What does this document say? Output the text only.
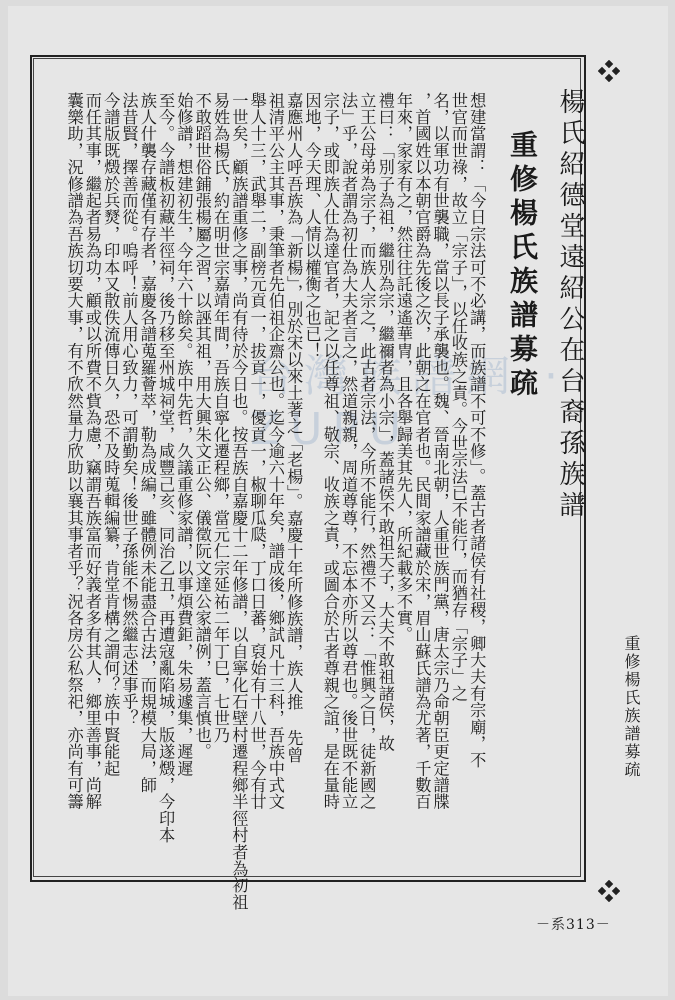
楊氏紹德堂遠紹公在台裔孫族譜
重修楊氏族譜募疏
重修楊氏族譜募疏
台灣族譜網 · ZUPU	想建當謂：「今日宗法可不必講，而族譜不可不修」。蓋古者諸侯有社稷，卿大夫有宗廟，不
世官而世祿，故立「宗子」，以任收族之責。今世宗法已不能行，而猶存「宗子」之
名，以軍功有世襲職，當以長子承襲也。魏、晉南北朝，人重世族門黨，唐太宗乃命朝臣更定譜牒
，首國姓以本朝官爵為先後之次，此朝之在官者也。民間家譜藏於宋，眉山蘇氏譜為尤著，千數百
年來，家家有之，然往往託遠遙華冑，且各舉歸美其先人，所紀載多不實。
禮曰：「別子為祖，繼別為宗，繼禰者為小宗」，蓋諸侯不敢祖天子，大夫不敢祖諸侯，故
立王公母弟為宗子，而族人宗之，此古者宗法，今所不能行，然禮不又云：「惟興之日，徒新國之
法」乎，說者謂為初仕為大夫者言之，然道親親，周道尊尊，不忘本亦所以尊君也。後世既不能立
宗子，或即族人仕為達官者，記之以任尊祖、敬宗、收族之責，或圖合於古者尊親之誼，是在量時
因地，今天理、人情以權衡之也已！
嘉應州人呼吾族為「新楊」，別於宋以來土著之「老楊」。嘉慶十年所修族譜，族人推 先曾
祖清平公主其事，秉筆者先伯祖企齋公也。迄今逾六十年矣，譜成後，鄉試凡十三科，吾族中式文
舉人十三，武舉二，副榜元貢一，拔貢一，優貢一，椒聊瓜瓞，丁口日蕃，裒始有十八世，今有廿
一世矣，顧族譜重修之事，尚有待於今日也。按吾族自嘉慶十二年修譜，以自寧化石壁村遷程鄉半徑村者為初祖
易姓為楊氏，約在明世宗嘉靖年間，吾族自寧化遷程鄉，當元仁宗延祐二年丁巳，七世乃
不敢蹈世俗鋪張楊屬之習，以誣其祖，用大興朱文正公、儀徵阮文達公家譜例，蓋言慎也。
始修譜，想建初生，今年六十餘矣。族中先哲，久議重修家譜，以事煩費鉅，朱易遽集，遲遲
至今。今譜板初藏半徑祠，後乃移至州城祠堂，咸豐己亥、同治乙丑，再遭寇亂陷城，版遂燬，今印本
族人什襲存藏僅有存者，嘉慶各譜蒐羅薈萃，勒為成編，雖體例未能盡合古法，而規模大局，師
法昔賢，擇善而從。嗚呼！前人用心致力，可謂勤矣！後世子孫能不惕然繼志述事乎？
今譜版既燬於兵燹，印本又散佚流傳日久，恐不及時蒐輯編纂，肯堂肯構之謂何？族中賢能起
而任其事，繼起者易為功，顧或以所費不貲為慮，竊謂吾族富而好義者多有其人，鄉里善事，尚解
囊樂助，況修譜為吾族切要大事，有不欣然量力欣助以襄其事者乎？況各房公私祭祀，亦尚有可籌
－系313－
